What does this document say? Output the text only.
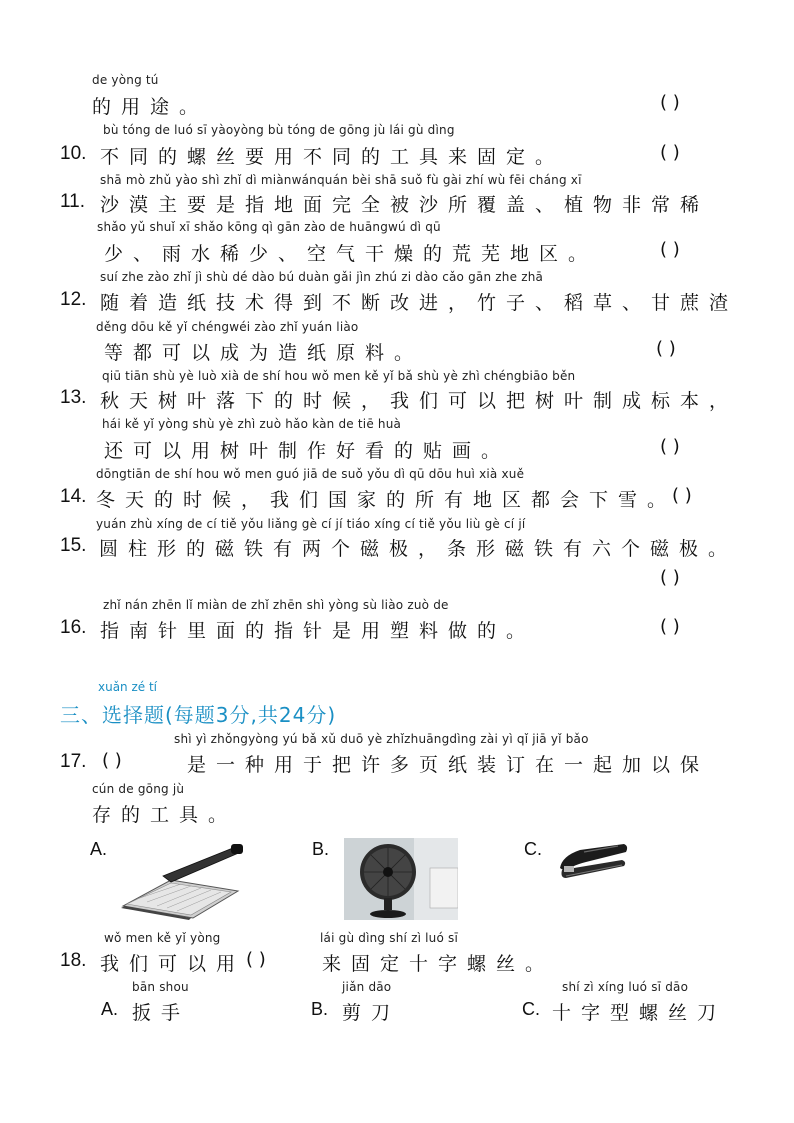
de yòng tú
的用途。	( )
bù tóng de luó sī yàoyòng bù tóng de gōng jù lái gù dìng
10. 不同的螺丝要用不同的工具来固定。	( )
shā mò zhǔ yào shì zhǐ dì miànwánquán bèi shā suǒ fù gài zhí wù fēi cháng xī
11. 沙漠主要是指地面完全被沙所覆盖、植物非常稀
shǎo yǔ shuǐ xī shǎo kōng qì gān zào de huāngwú dì qū
少、雨水稀少、空气干燥的荒芜地区。	( )
suí zhe zào zhǐ jì shù dé dào bú duàn gǎi jìn zhú zi dào cǎo gān zhe zhā
12. 随着造纸技术得到不断改进，竹子、稻草、甘蔗渣
děng dōu kě yǐ chéngwéi zào zhǐ yuán liào
等都可以成为造纸原料。	( )
qiū tiān shù yè luò xià de shí hou wǒ men kě yǐ bǎ shù yè zhì chéngbiāo běn
13. 秋天树叶落下的时候，我们可以把树叶制成标本，
hái kě yǐ yòng shù yè zhì zuò hǎo kàn de tiē huà
还可以用树叶制作好看的贴画。	( )
dōngtiān de shí hou wǒ men guó jiā de suǒ yǒu dì qū dōu huì xià xuě
14. 冬天的时候，我们国家的所有地区都会下雪。
( )
yuán zhù xíng de cí tiě yǒu liǎng gè cí jí tiáo xíng cí tiě yǒu liù gè cí jí
15. 圆柱形的磁铁有两个磁极，条形磁铁有六个磁极。
( )
zhǐ nán zhēn lǐ miàn de zhǐ zhēn shì yòng sù liào zuò de
16. 指南针里面的指针是用塑料做的。	( )
xuǎn zé tí
三、选择题(每题3分,共24分)
shì yì zhǒngyòng yú bǎ xǔ duō yè zhǐzhuāngdìng zài yì qǐ jiā yǐ bǎo
17. ( )	是一种用于把许多页纸装订在一起加以保
cún de gōng jù
存的工具。
A.	B.	C.
wǒ men kě yǐ yòng	lái gù dìng shí zì luó sī
18. 我们可以用 ( )	来固定十字螺丝。
bān shou
A. 扳手
jiǎn dāo
B. 剪刀
shí zì xíng luó sī dāo
C. 十字型螺丝刀
